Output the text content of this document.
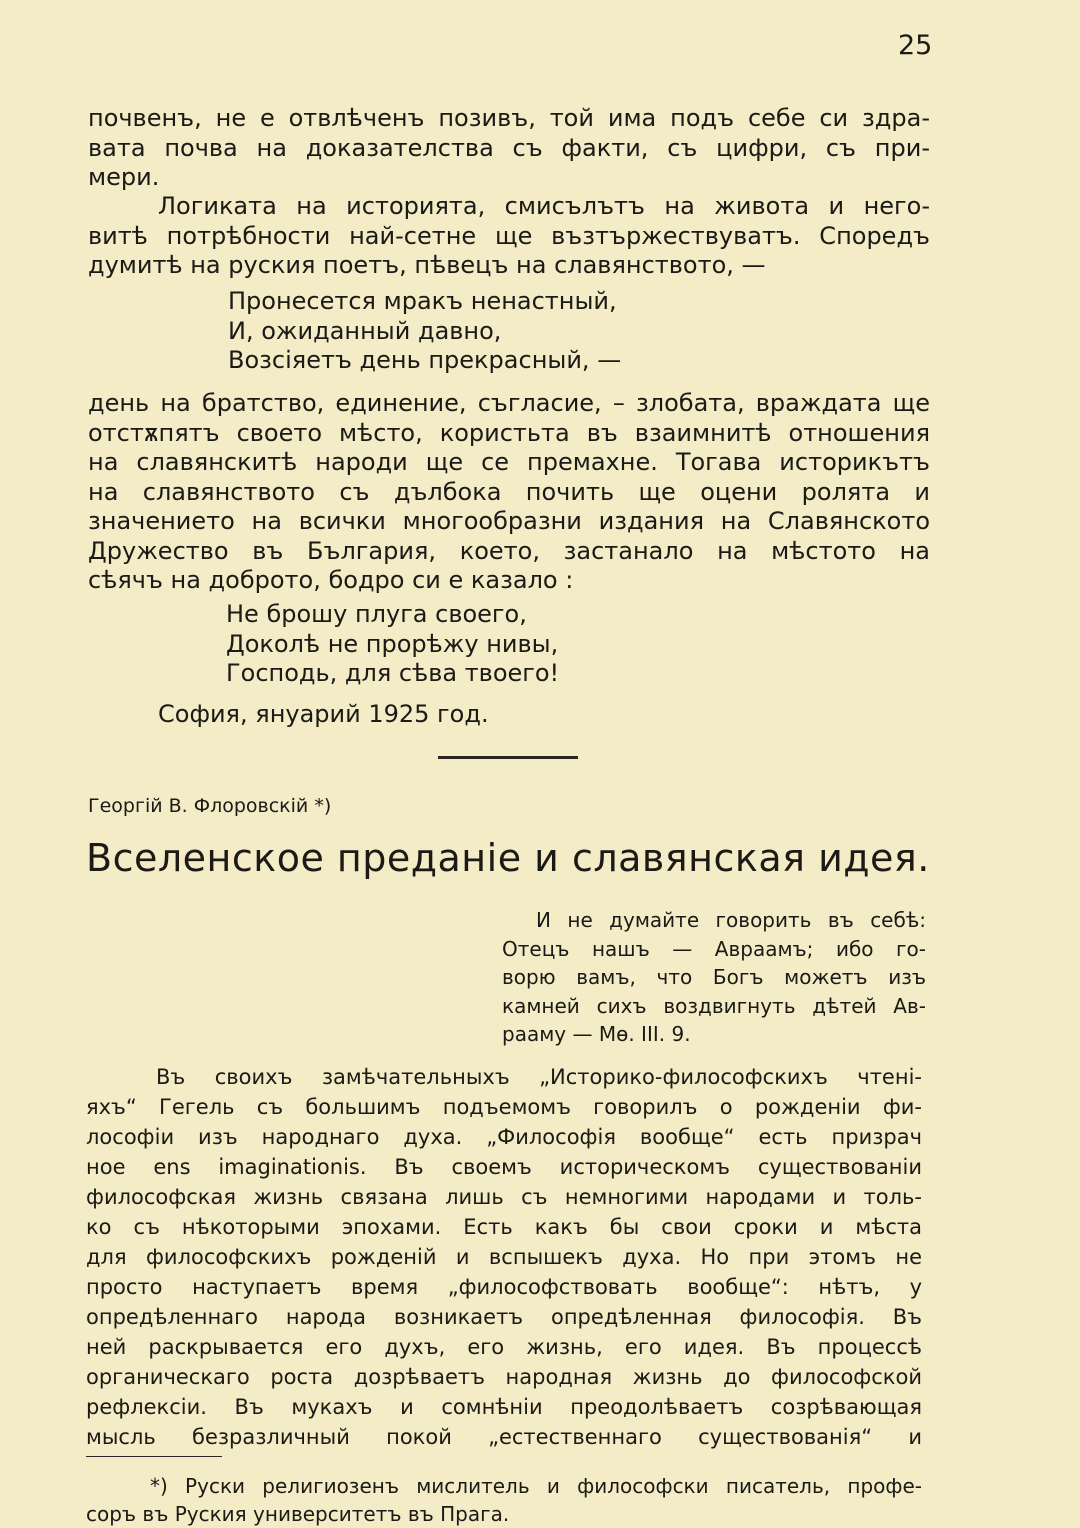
25
почвенъ, не е отвлѣченъ позивъ, той има подъ себе си здра-
вата почва на доказателства съ факти, съ цифри, съ при-
мери.
Логиката на историята, смисълътъ на живота и него-
витѣ потрѣбности най-сетне ще възтържествуватъ. Споредъ
думитѣ на руския поетъ, пѣвецъ на славянството, —
Пронесется мракъ ненастный,
И, ожиданный давно,
Возсіяетъ день прекрасный, —
день на братство, единение, съгласие, – злобата, враждата ще
отстѫпятъ своето мѣсто, користьта въ взаимнитѣ отношения
на славянскитѣ народи ще се премахне. Тогава историкътъ
на славянството съ дълбока почить ще оцени ролята и
значението на всички многообразни издания на Славянското
Дружество въ България, което, застанало на мѣстото на
сѣячъ на доброто, бодро си е казало :
Не брошу плуга своего,
Доколѣ не прорѣжу нивы,
Господь, для сѣва твоего!
София, януарий 1925 год.
Георгій В. Флоровскій *)
Вселенское преданіе и славянская идея.
И не думайте говорить въ себѣ:
Отецъ нашъ — Авраамъ; ибо го-
ворю вамъ, что Богъ можетъ изъ
камней сихъ воздвигнуть дѣтей Ав-
рааму — Мѳ. III. 9.
Въ своихъ замѣчательныхъ „Историко-философскихъ чтені-
яхъ“ Гегель съ большимъ подъемомъ говорилъ о рожденіи фи-
лософіи изъ народнаго духа. „Философія вообще“ есть призрач
ное ens imaginationis. Въ своемъ историческомъ существованіи
философская жизнь связана лишь съ немногими народами и толь-
ко съ нѣкоторыми эпохами. Есть какъ бы свои сроки и мѣста
для философскихъ рожденій и вспышекъ духа. Но при этомъ не
просто наступаетъ время „философствовать вообще“: нѣтъ, у
опредѣленнаго народа возникаетъ опредѣленная философія. Въ
ней раскрывается его духъ, его жизнь, его идея. Въ процессѣ
органическаго роста дозрѣваетъ народная жизнь до философской
рефлексіи. Въ мукахъ и сомнѣніи преодолѣваетъ созрѣвающая
мысль безразличный покой „естественнаго существованія“ и
*) Руски религиозенъ мислитель и философски писатель, профе-
соръ въ Руския университетъ въ Прага.
